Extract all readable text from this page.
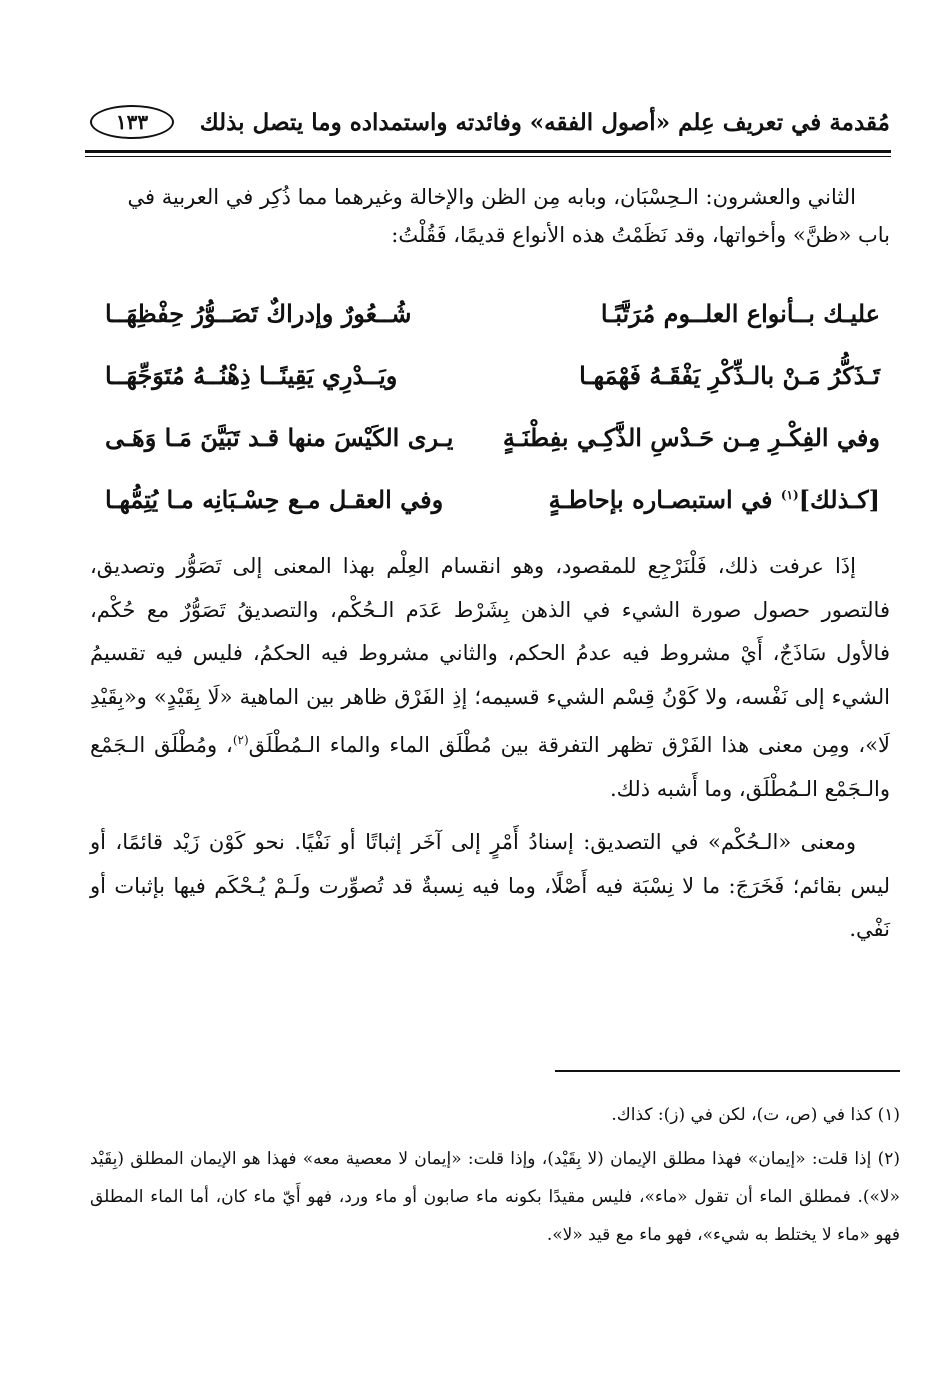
مُقدمة في تعريف عِلم «أصول الفقه» وفائدته واستمداده وما يتصل بذلك
١٣٣

الثاني والعشرون: الـحِسْبَان، وبابه مِن الظن والإخالة وغيرهما مما ذُكِر في العربية في

باب «ظنَّ» وأخواتها، وقد نَظَمْتُ هذه الأنواع قديمًا، فَقُلْتُ:

عليـك بــأنواع العلــوم مُرَتَّبًـا
شُــعُورٌ وإدراكٌ تَصَــوُّرُ حِفْظِهَــا
تَـذَكُّرُ مَـنْ بالـذِّكْرِ يَفْقَـهُ فَهْمَهـا
ويَــدْرِي يَقِينًــا ذِهْنُــهُ مُتَوَجِّهَــا
وفي الفِكْـرِ مِـن حَـدْسِ الذَّكِـي بفِطْنَـةٍ
يـرى الكَيْسَ منها قـد تَبَيَّنَ مَـا وَهَـى
[كـذلك]$^{(١)}$ في استبصـاره بإحاطـةٍ
وفي العقـل مـع حِسْـبَانِه مـا يُتِمُّهـا

إذَا عرفت ذلك، فَلْنَرْجِع للمقصود، وهو انقسام العِلْم بهذا المعنى إلى تَصَوُّر وتصديق، فالتصور حصول صورة الشيء في الذهن بِشَرْط عَدَم الـحُكْم، والتصديقُ تَصَوُّرٌ مع حُكْم، فالأول سَاذَجٌ، أَيْ مشروط فيه عدمُ الحكم، والثاني مشروط فيه الحكمُ، فليس فيه تقسيمُ الشيء إلى نَفْسه، ولا كَوْنُ قِسْم الشيء قسيمه؛ إذِ الفَرْق ظاهر بين الماهية «لَا بِقَيْدٍ» و«بِقَيْدِ لَا»، ومِن معنى هذا الفَرْق تظهر التفرقة بين مُطْلَق الماء والماء الـمُطْلَق$^{(٢)}$، ومُطْلَق الـجَمْع والـجَمْع الـمُطْلَق، وما أَشبه ذلك.

ومعنى «الـحُكْم» في التصديق: إسنادُ أَمْرٍ إلى آخَر إثباتًا أو نَفْيًا. نحو كَوْن زَيْد قائمًا، أو ليس بقائم؛ فَخَرَجَ: ما لا نِسْبَة فيه أَصْلًا، وما فيه نِسبةٌ قد تُصوِّرت ولَـمْ يُـحْكَم فيها بإثبات أو نَفْي.

(١) كذا في (ص، ت)، لكن في (ز): كذاك.

(٢) إذا قلت: «إيمان» فهذا مطلق الإيمان (لا بِقَيْد)، وإذا قلت: «إيمان لا معصية معه» فهذا هو الإيمان المطلق (بِقَيْد «لا»). فمطلق الماء أن تقول «ماء»، فليس مقيدًا بكونه ماء صابون أو ماء ورد، فهو أَيّ ماء كان، أما الماء المطلق فهو «ماء لا يختلط به شيء»، فهو ماء مع قيد «لا».
